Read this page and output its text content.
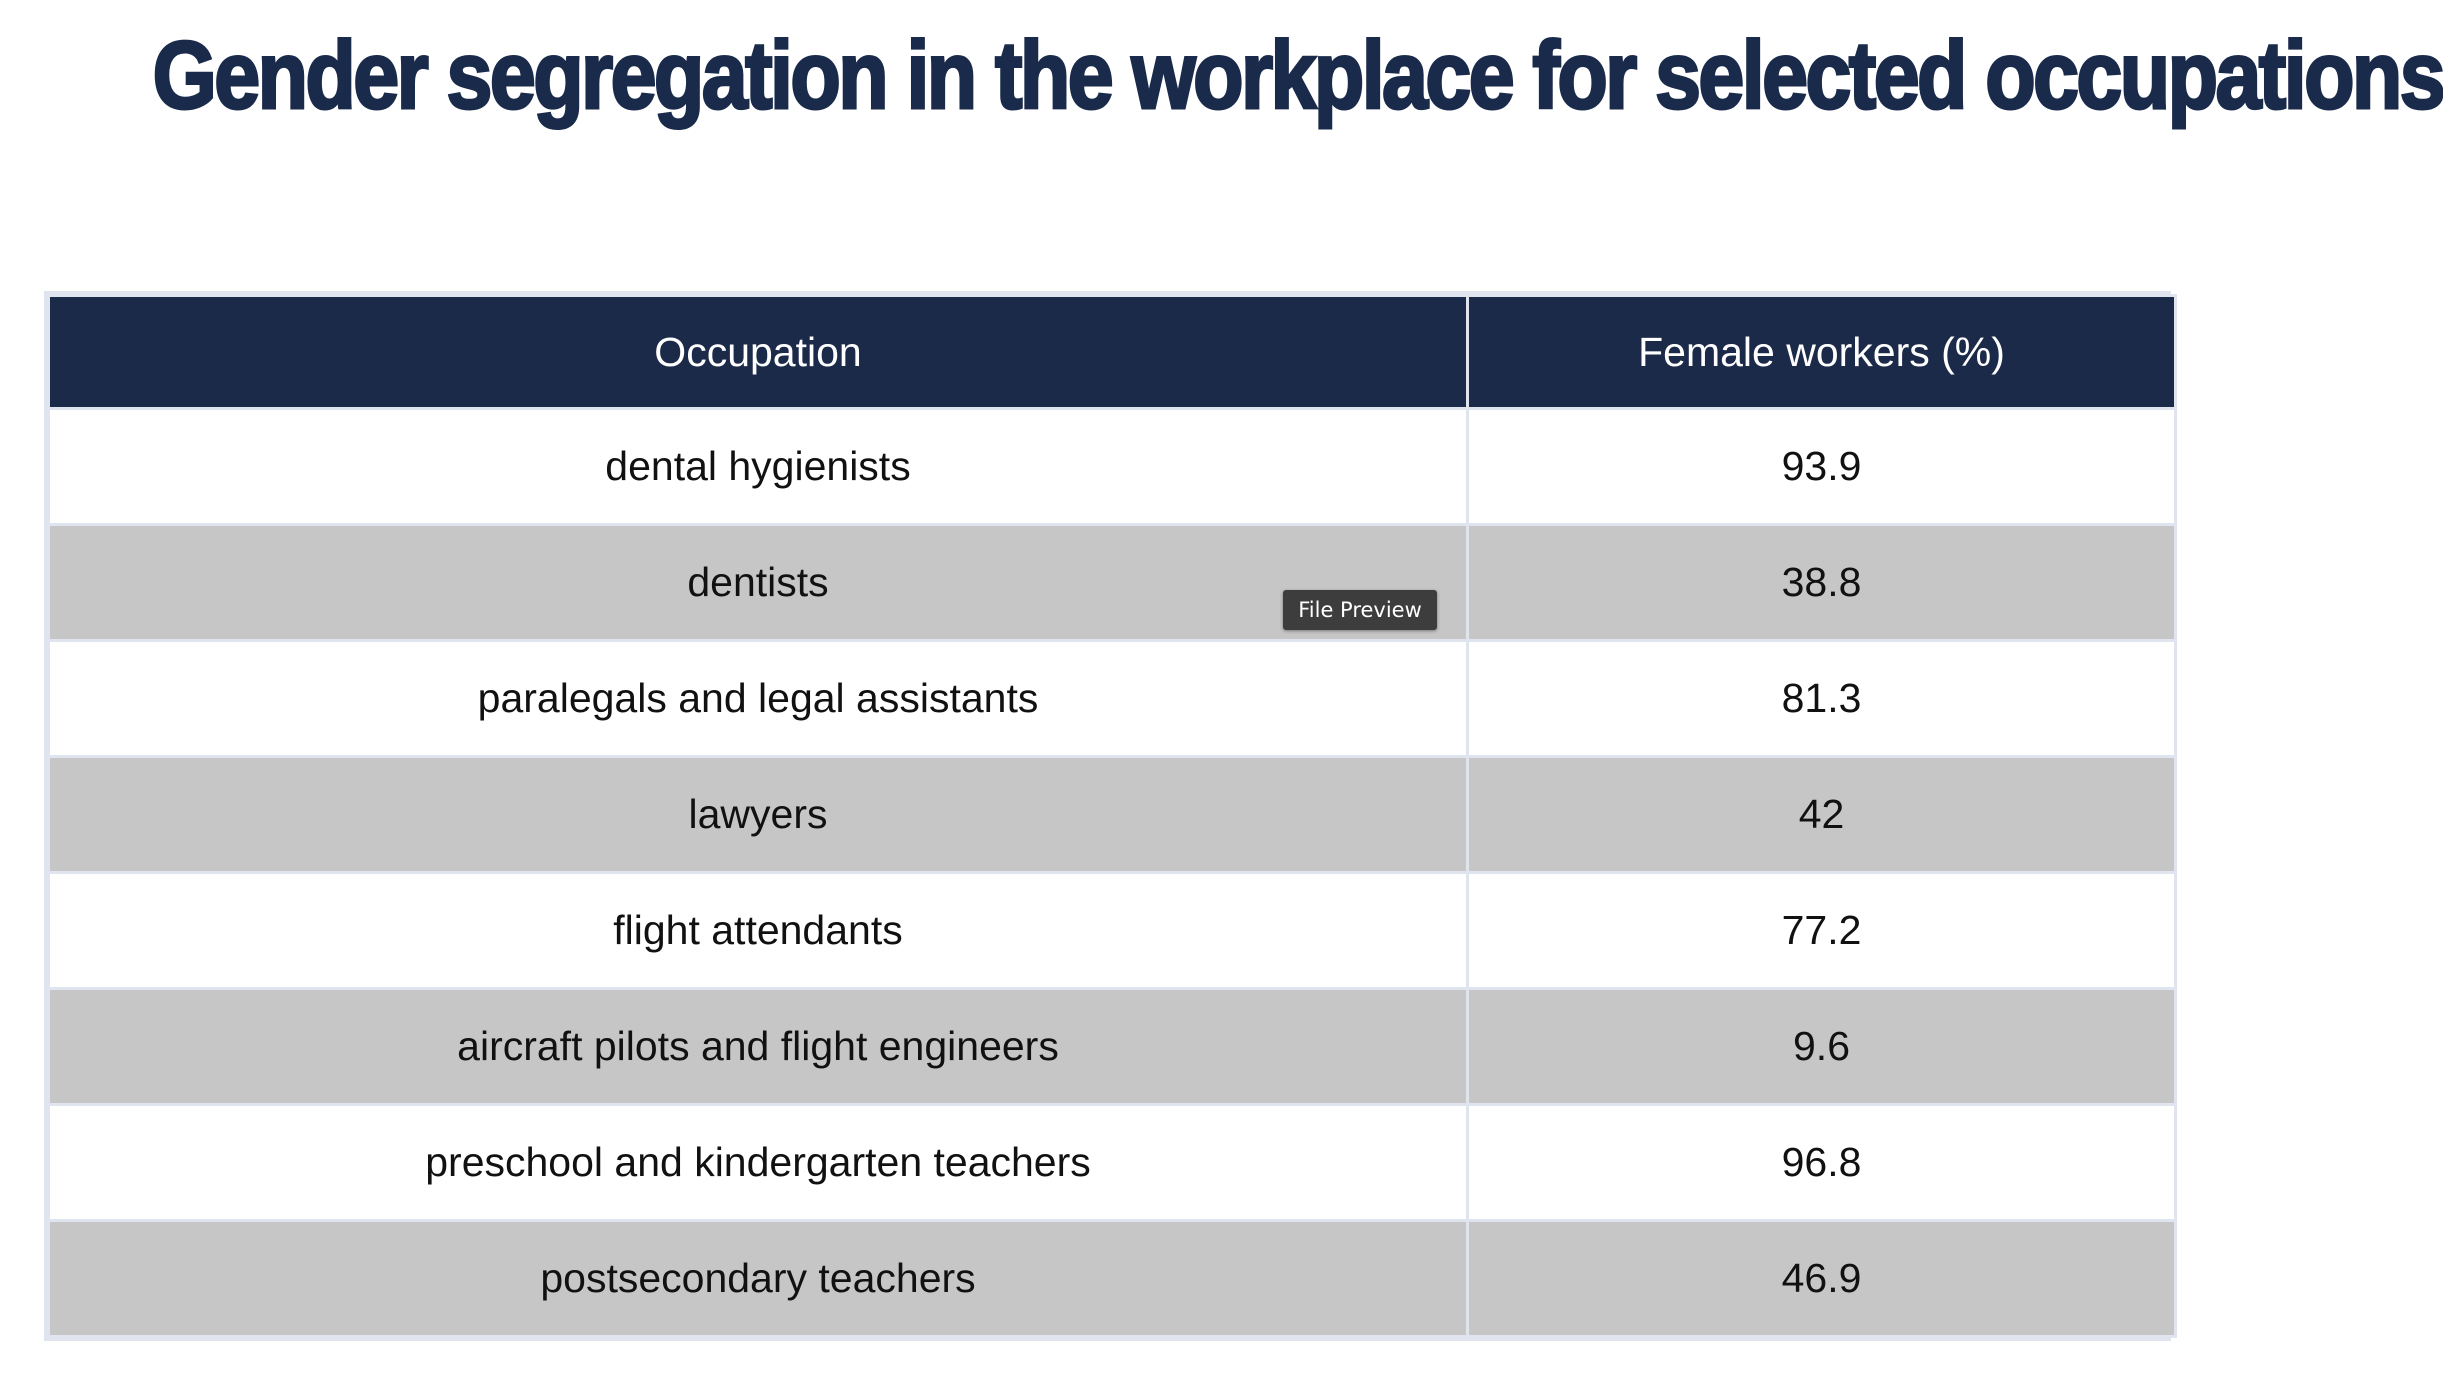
Gender segregation in the workplace for selected occupations
Occupation	Female workers (%)
dental hygienists	93.9
dentists	38.8
paralegals and legal assistants	81.3
lawyers	42
flight attendants	77.2
aircraft pilots and flight engineers	9.6
preschool and kindergarten teachers	96.8
postsecondary teachers	46.9
File Preview
